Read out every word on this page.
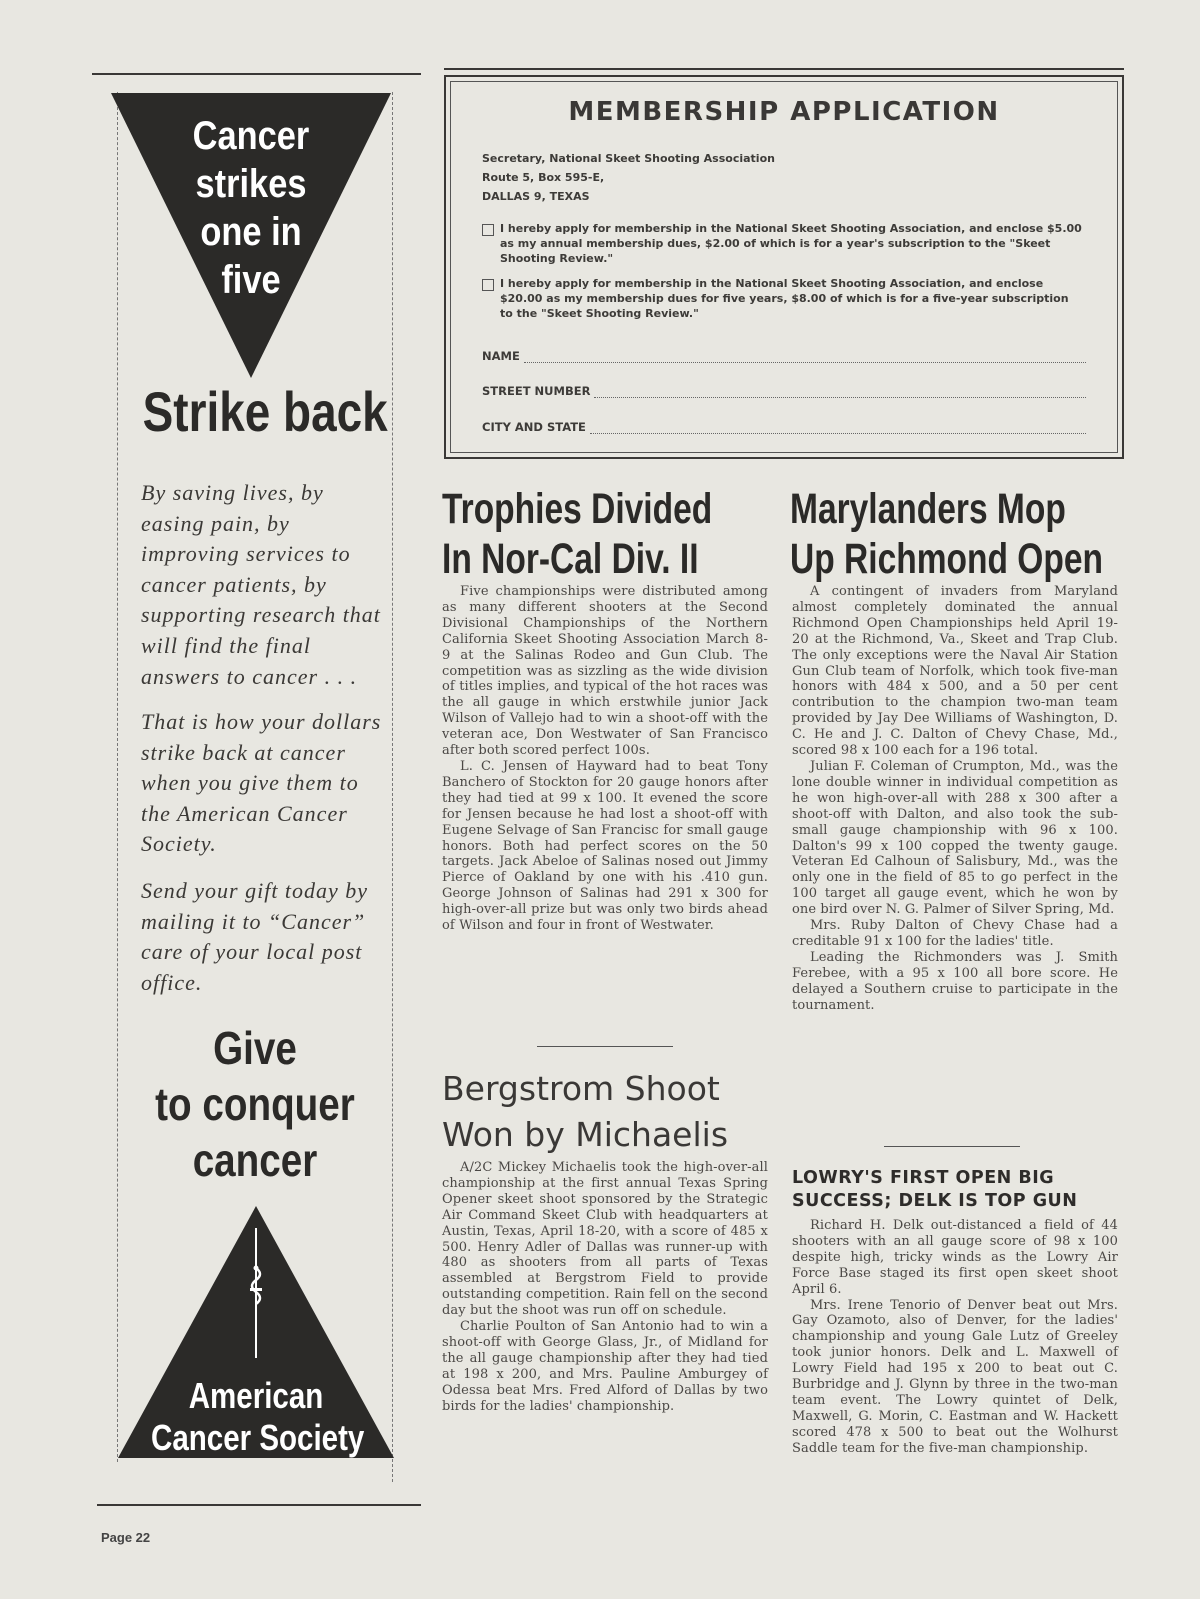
Cancer
strikes
one in
five
Strike back

By saving lives, by easing pain, by improving services to cancer patients, by supporting research that will find the final answers to cancer . . .

That is how your dollars strike back at cancer when you give them to the American Cancer Society.

Send your gift today by mailing it to “Cancer” care of your local post office.

Give
to conquer
cancer
American
Cancer Society
Page 22
MEMBERSHIP APPLICATION
Secretary, National Skeet Shooting Association
Route 5, Box 595-E,
DALLAS 9, TEXAS
I hereby apply for membership in the National Skeet Shooting Association, and enclose $5.00 as my annual membership dues, $2.00 of which is for a year's subscription to the "Skeet Shooting Review."
I hereby apply for membership in the National Skeet Shooting Association, and enclose $20.00 as my membership dues for five years, $8.00 of which is for a five-year subscription to the "Skeet Shooting Review."
NAME
STREET NUMBER
CITY AND STATE
Trophies Divided
In Nor-Cal Div. II

Five championships were distributed among as many different shooters at the Second Divisional Championships of the Northern California Skeet Shooting Association March 8-9 at the Salinas Rodeo and Gun Club. The competition was as sizzling as the wide division of titles implies, and typical of the hot races was the all gauge in which erstwhile junior Jack Wilson of Vallejo had to win a shoot-off with the veteran ace, Don Westwater of San Francisco after both scored perfect 100s.

L. C. Jensen of Hayward had to beat Tony Banchero of Stockton for 20 gauge honors after they had tied at 99 x 100. It evened the score for Jensen because he had lost a shoot-off with Eugene Selvage of San Francisc for small gauge honors. Both had perfect scores on the 50 targets. Jack Abeloe of Salinas nosed out Jimmy Pierce of Oakland by one with his .410 gun. George Johnson of Salinas had 291 x 300 for high-over-all prize but was only two birds ahead of Wilson and four in front of Westwater.

Bergstrom Shoot
Won by Michaelis

A/2C Mickey Michaelis took the high-over-all championship at the first annual Texas Spring Opener skeet shoot sponsored by the Strategic Air Command Skeet Club with headquarters at Austin, Texas, April 18-20, with a score of 485 x 500. Henry Adler of Dallas was runner-up with 480 as shooters from all parts of Texas assembled at Bergstrom Field to provide outstanding competition. Rain fell on the second day but the shoot was run off on schedule.

Charlie Poulton of San Antonio had to win a shoot-off with George Glass, Jr., of Midland for the all gauge championship after they had tied at 198 x 200, and Mrs. Pauline Amburgey of Odessa beat Mrs. Fred Alford of Dallas by two birds for the ladies' championship.

Marylanders Mop
Up Richmond Open

A contingent of invaders from Maryland almost completely dominated the annual Richmond Open Championships held April 19-20 at the Richmond, Va., Skeet and Trap Club. The only exceptions were the Naval Air Station Gun Club team of Norfolk, which took five-man honors with 484 x 500, and a 50 per cent contribution to the champion two-man team provided by Jay Dee Williams of Washington, D. C. He and J. C. Dalton of Chevy Chase, Md., scored 98 x 100 each for a 196 total.

Julian F. Coleman of Crumpton, Md., was the lone double winner in individual competition as he won high-over-all with 288 x 300 after a shoot-off with Dalton, and also took the sub-small gauge championship with 96 x 100. Dalton's 99 x 100 copped the twenty gauge. Veteran Ed Calhoun of Salisbury, Md., was the only one in the field of 85 to go perfect in the 100 target all gauge event, which he won by one bird over N. G. Palmer of Silver Spring, Md.

Mrs. Ruby Dalton of Chevy Chase had a creditable 91 x 100 for the ladies' title.

Leading the Richmonders was J. Smith Ferebee, with a 95 x 100 all bore score. He delayed a Southern cruise to participate in the tournament.

LOWRY'S FIRST OPEN BIG
SUCCESS; DELK IS TOP GUN

Richard H. Delk out-distanced a field of 44 shooters with an all gauge score of 98 x 100 despite high, tricky winds as the Lowry Air Force Base staged its first open skeet shoot April 6.

Mrs. Irene Tenorio of Denver beat out Mrs. Gay Ozamoto, also of Denver, for the ladies' championship and young Gale Lutz of Greeley took junior honors. Delk and L. Maxwell of Lowry Field had 195 x 200 to beat out C. Burbridge and J. Glynn by three in the two-man team event. The Lowry quintet of Delk, Maxwell, G. Morin, C. Eastman and W. Hackett scored 478 x 500 to beat out the Wolhurst Saddle team for the five-man championship.
